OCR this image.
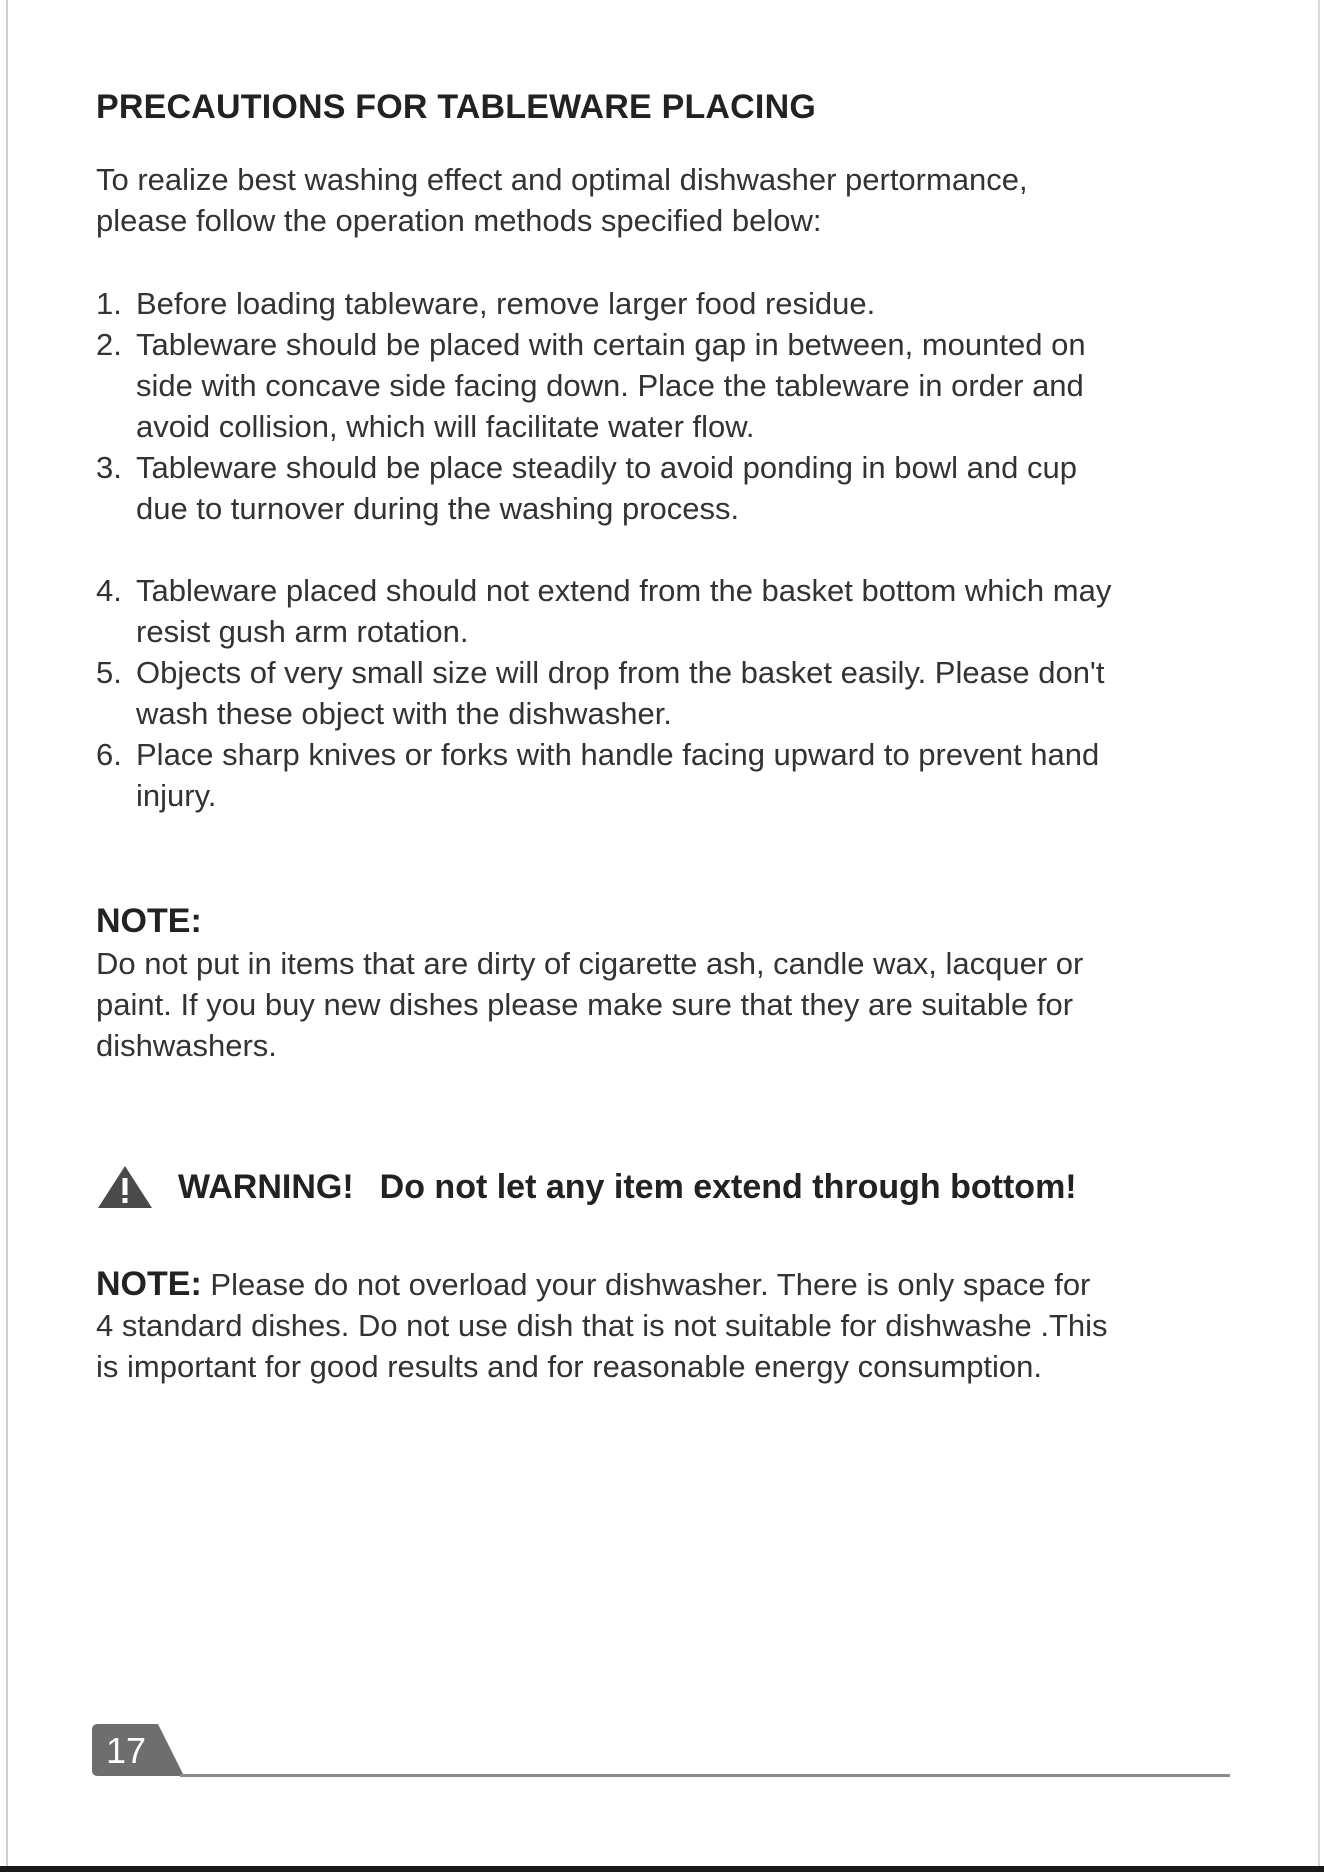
PRECAUTIONS FOR TABLEWARE PLACING
To realize best washing effect and optimal dishwasher pertormance,
please follow the operation methods specified below:
1. Before loading tableware, remove larger food residue.
2. Tableware should be placed with certain gap in between, mounted on
side with concave side facing down. Place the tableware in order and
avoid collision, which will facilitate water flow.
3. Tableware should be place steadily to avoid ponding in bowl and cup
due to turnover during the washing process.
4. Tableware placed should not extend from the basket bottom which may
resist gush arm rotation.
5. Objects of very small size will drop from the basket easily. Please don't
wash these object with the dishwasher.
6. Place sharp knives or forks with handle facing upward to prevent hand
injury.
NOTE:
Do not put in items that are dirty of cigarette ash, candle wax, lacquer or
paint. If you buy new dishes please make sure that they are suitable for
dishwashers.
WARNING! Do not let any item extend through bottom!
NOTE: Please do not overload your dishwasher. There is only space for
4 standard dishes. Do not use dish that is not suitable for dishwashe .This
is important for good results and for reasonable energy consumption.
17
